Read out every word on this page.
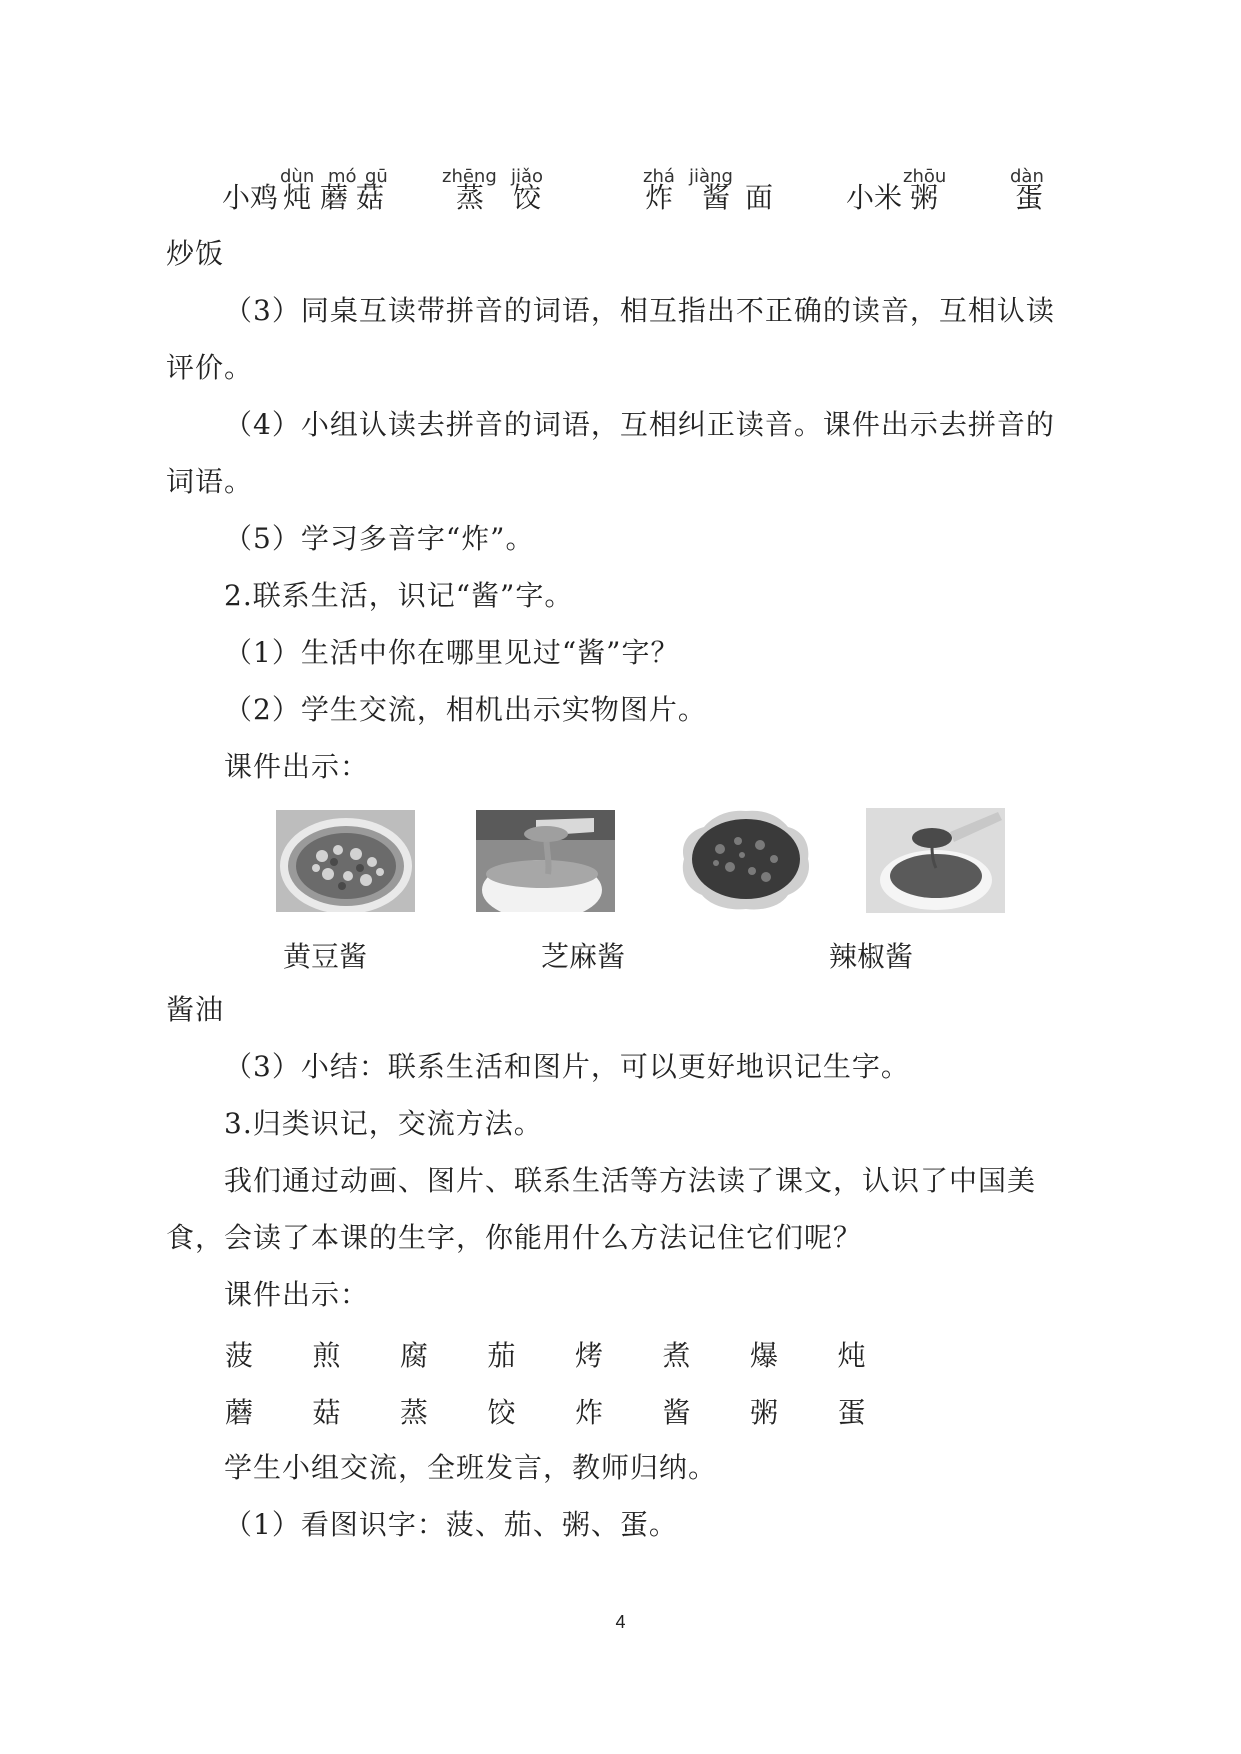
小鸡
dùn mó gū
炖 蘑 菇
zhēng jiǎo
蒸 饺
zhá jiàng
炸 酱 面	小米
zhōu
粥
dàn
蛋
炒饭
（3）同桌互读带拼音的词语，相互指出不正确的读音，互相认读
评价。
（4）小组认读去拼音的词语，互相纠正读音。课件出示去拼音的
词语。
（5）学习多音字“炸”。
2.联系生活，识记“酱”字。
（1）生活中你在哪里见过“酱”字？
（2）学生交流，相机出示实物图片。
课件出示：
黄豆酱	芝麻酱	辣椒酱
酱油
（3）小结：联系生活和图片，可以更好地识记生字。
3.归类识记，交流方法。
我们通过动画、图片、联系生活等方法读了课文，认识了中国美
食，会读了本课的生字，你能用什么方法记住它们呢？
课件出示：
菠 煎 腐 茄 烤 煮 爆 炖
蘑 菇 蒸 饺 炸 酱 粥 蛋
学生小组交流，全班发言，教师归纳。
（1）看图识字：菠、茄、粥、蛋。
4
